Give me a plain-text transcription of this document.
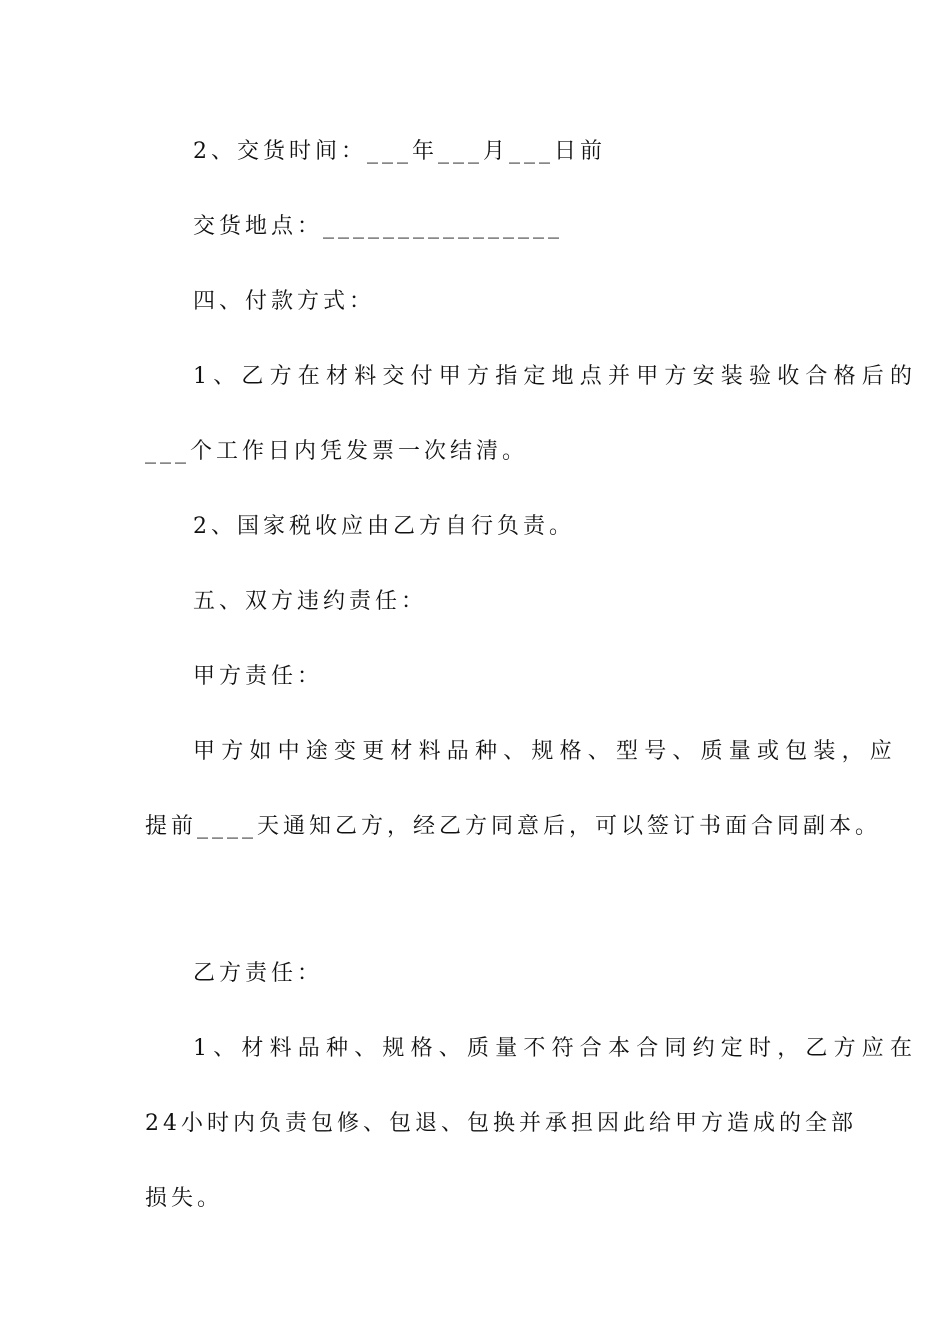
2、交货时间：___年___月___日前
交货地点：________________
四、付款方式：
1、乙方在材料交付甲方指定地点并甲方安装验收合格后的
___个工作日内凭发票一次结清。
2、国家税收应由乙方自行负责。
五、双方违约责任：
甲方责任：
甲方如中途变更材料品种、规格、型号、质量或包装，应
提前____天通知乙方，经乙方同意后，可以签订书面合同副本。
乙方责任：
1、材料品种、规格、质量不符合本合同约定时，乙方应在
24小时内负责包修、包退、包换并承担因此给甲方造成的全部
损失。
